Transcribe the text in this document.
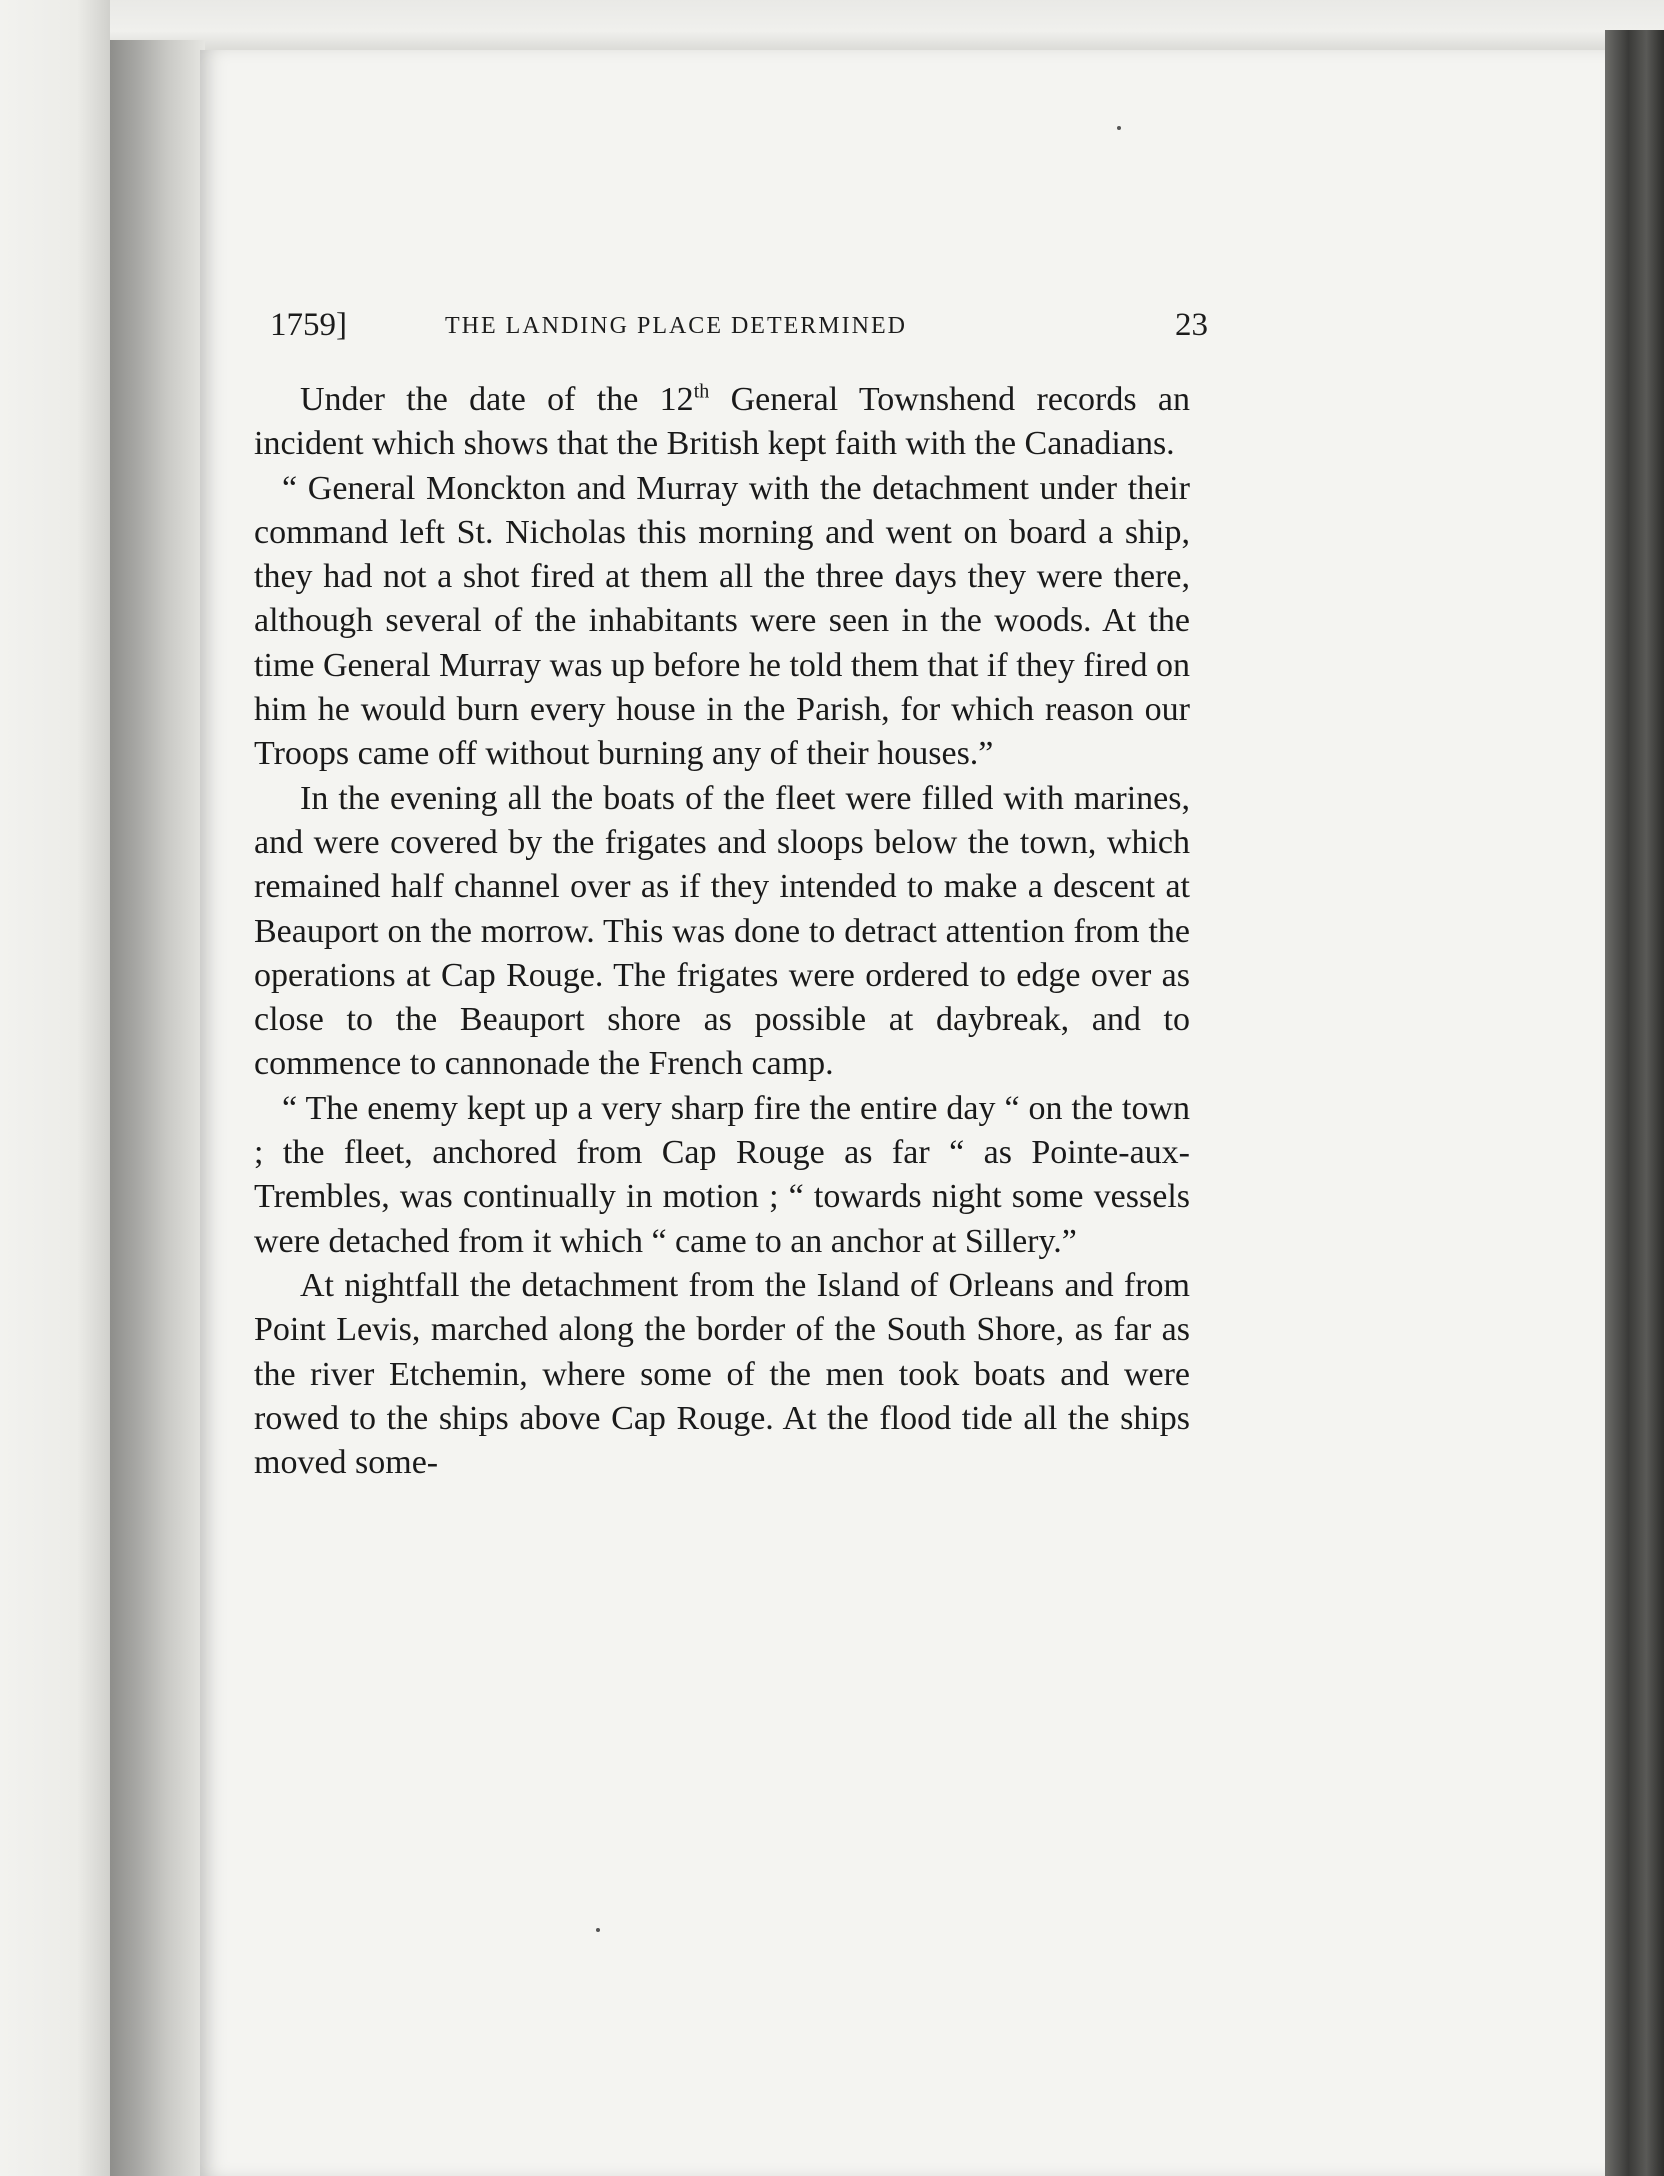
1759]	THE LANDING PLACE DETERMINED	23

Under the date of the 12th General Townshend records an incident which shows that the British kept faith with the Canadians.

“ General Monckton and Murray with the detachment under their command left St. Nicholas this morning and went on board a ship, they had not a shot fired at them all the three days they were there, although several of the inhabitants were seen in the woods. At the time General Murray was up before he told them that if they fired on him he would burn every house in the Parish, for which reason our Troops came off without burning any of their houses.”

In the evening all the boats of the fleet were filled with marines, and were covered by the frigates and sloops below the town, which remained half channel over as if they intended to make a descent at Beauport on the morrow. This was done to detract attention from the operations at Cap Rouge. The frigates were ordered to edge over as close to the Beauport shore as possible at daybreak, and to commence to cannonade the French camp.

“ The enemy kept up a very sharp fire the entire day “ on the town ; the fleet, anchored from Cap Rouge as far “ as Pointe-aux-Trembles, was continually in motion ; “ towards night some vessels were detached from it which “ came to an anchor at Sillery.”

At nightfall the detachment from the Island of Orleans and from Point Levis, marched along the border of the South Shore, as far as the river Etchemin, where some of the men took boats and were rowed to the ships above Cap Rouge. At the flood tide all the ships moved some-
